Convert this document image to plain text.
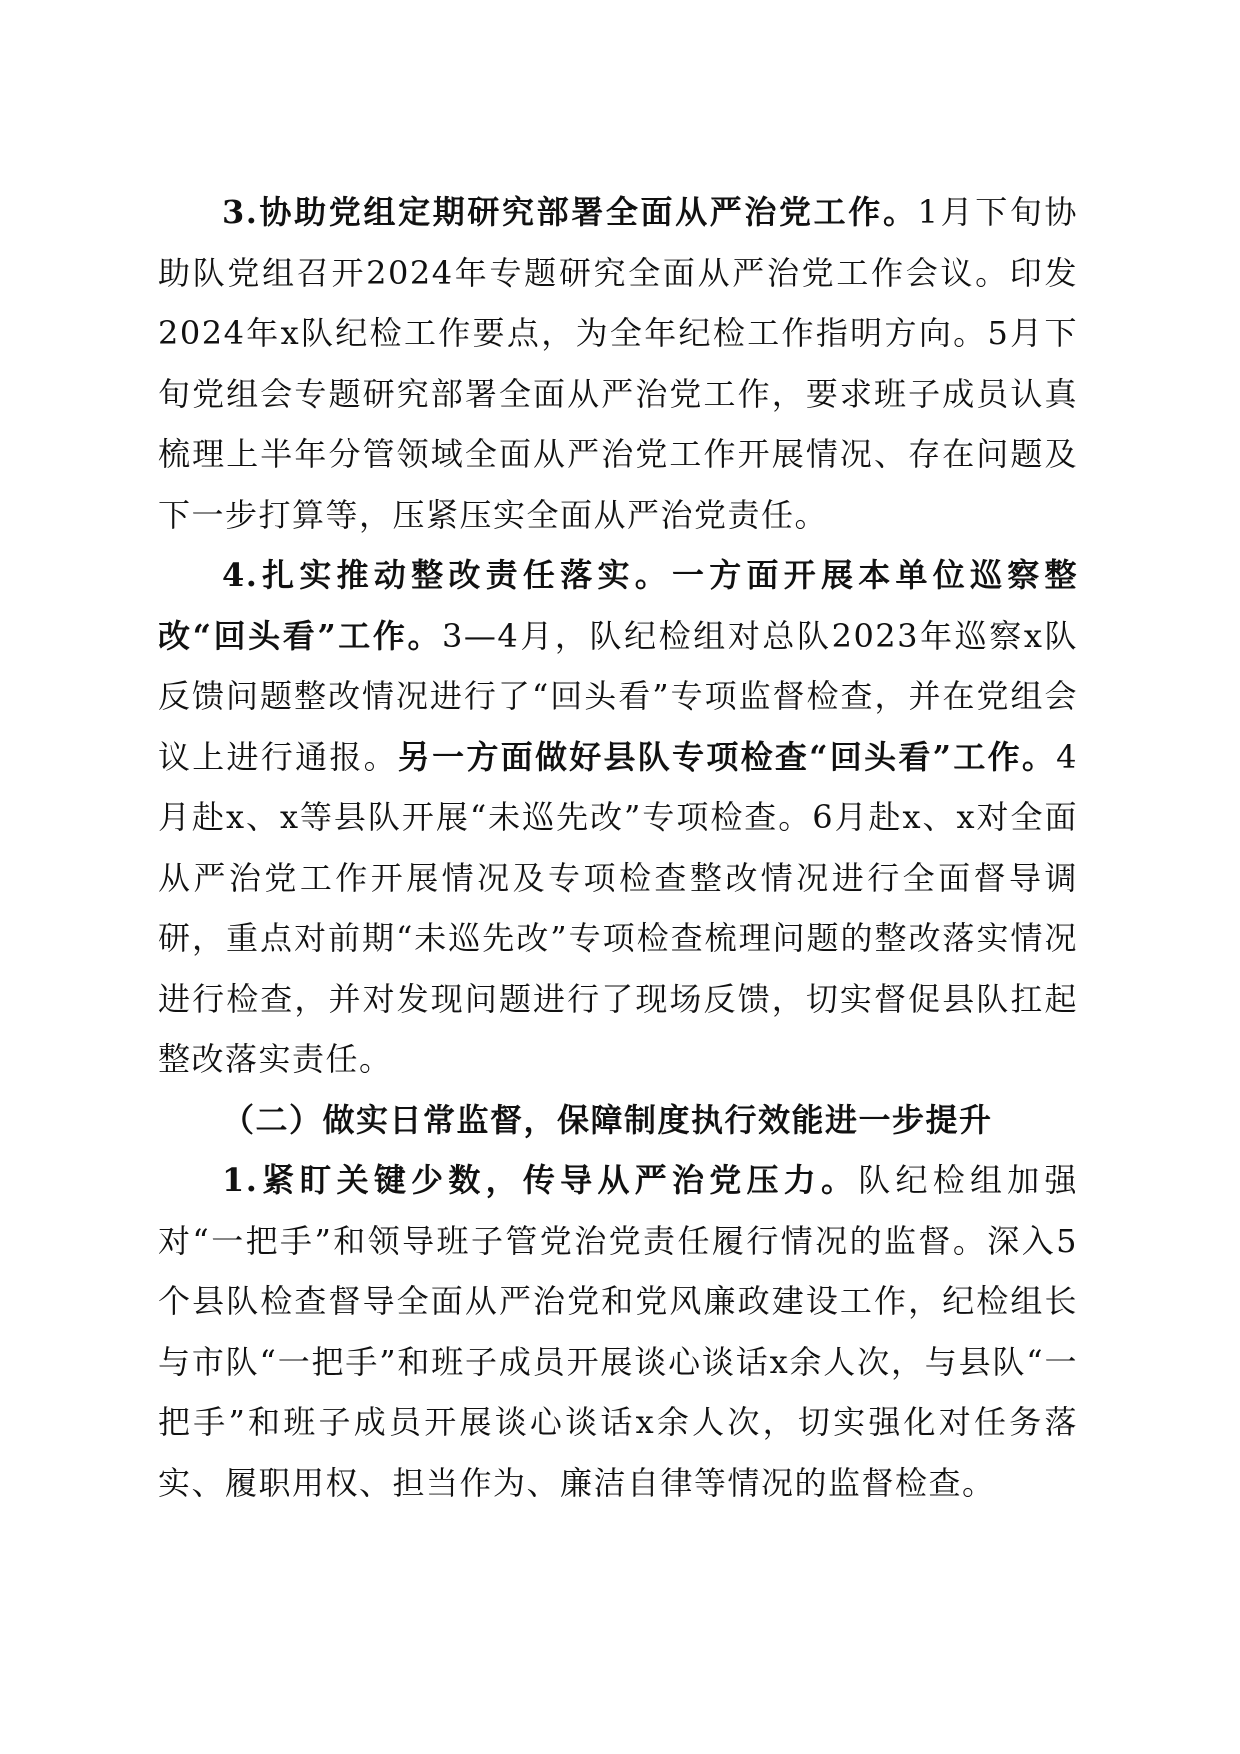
3.协助党组定期研究部署全面从严治党工作。1月下旬协助队党组召开2024年专题研究全面从严治党工作会议。印发2024年x队纪检工作要点，为全年纪检工作指明方向。5月下旬党组会专题研究部署全面从严治党工作，要求班子成员认真梳理上半年分管领域全面从严治党工作开展情况、存在问题及下一步打算等，压紧压实全面从严治党责任。

4.扎实推动整改责任落实。一方面开展本单位巡察整改“回头看”工作。3—4月，队纪检组对总队2023年巡察x队反馈问题整改情况进行了“回头看”专项监督检查，并在党组会议上进行通报。另一方面做好县队专项检查“回头看”工作。4月赴x、x等县队开展“未巡先改”专项检查。6月赴x、x对全面从严治党工作开展情况及专项检查整改情况进行全面督导调研，重点对前期“未巡先改”专项检查梳理问题的整改落实情况进行检查，并对发现问题进行了现场反馈，切实督促县队扛起整改落实责任。

（二）做实日常监督，保障制度执行效能进一步提升

1.紧盯关键少数，传导从严治党压力。队纪检组加强对“一把手”和领导班子管党治党责任履行情况的监督。深入5个县队检查督导全面从严治党和党风廉政建设工作，纪检组长与市队“一把手”和班子成员开展谈心谈话x余人次，与县队“一把手”和班子成员开展谈心谈话x余人次，切实强化对任务落实、履职用权、担当作为、廉洁自律等情况的监督检查。
